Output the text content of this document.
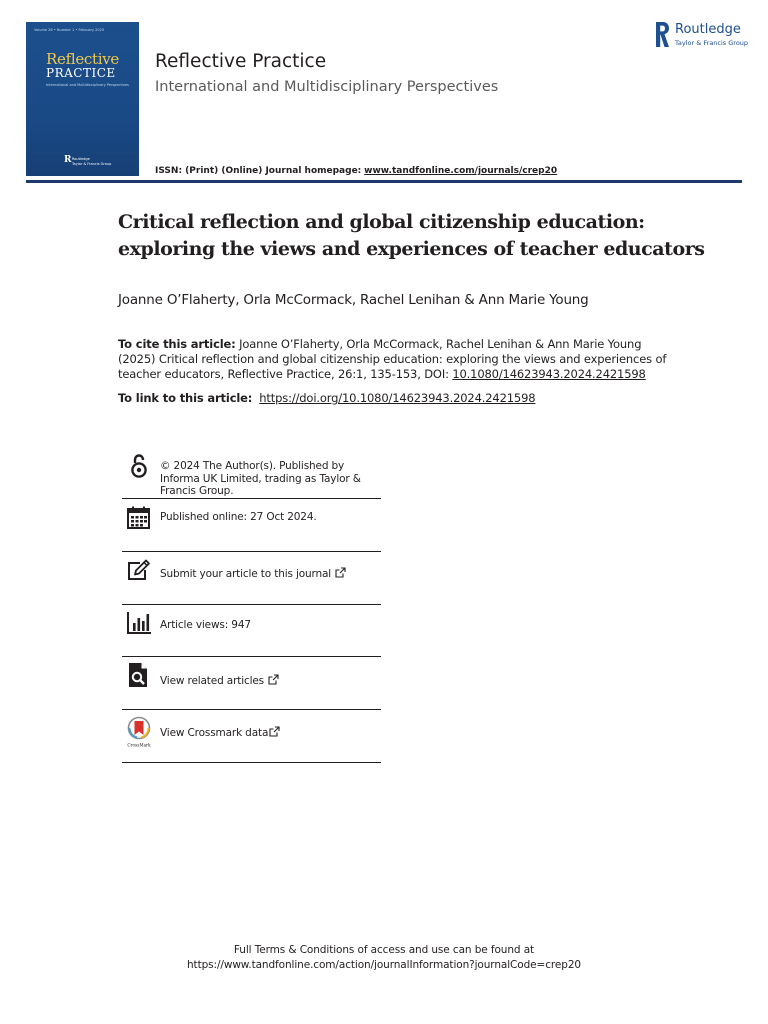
Volume 26 • Number 1 • February 2025
Reflective
PRACTICE
International and Multidisciplinary Perspectives
R Routledge
Taylor & Francis Group
Reflective Practice
International and Multidisciplinary Perspectives
ISSN: (Print) (Online) Journal homepage: www.tandfonline.com/journals/crep20
Routledge
Taylor & Francis Group
Critical reflection and global citizenship education:
exploring the views and experiences of teacher educators
Joanne O’Flaherty, Orla McCormack, Rachel Lenihan & Ann Marie Young
To cite this article: Joanne O’Flaherty, Orla McCormack, Rachel Lenihan & Ann Marie Young (2025) Critical reflection and global citizenship education: exploring the views and experiences of teacher educators, Reflective Practice, 26:1, 135-153, DOI: 10.1080/14623943.2024.2421598
To link to this article: https://doi.org/10.1080/14623943.2024.2421598
© 2024 The Author(s). Published by Informa UK Limited, trading as Taylor & Francis Group.
Published online: 27 Oct 2024.
Submit your article to this journal
Article views: 947
View related articles
CrossMark
View Crossmark data
Full Terms & Conditions of access and use can be found at
https://www.tandfonline.com/action/journalInformation?journalCode=crep20
